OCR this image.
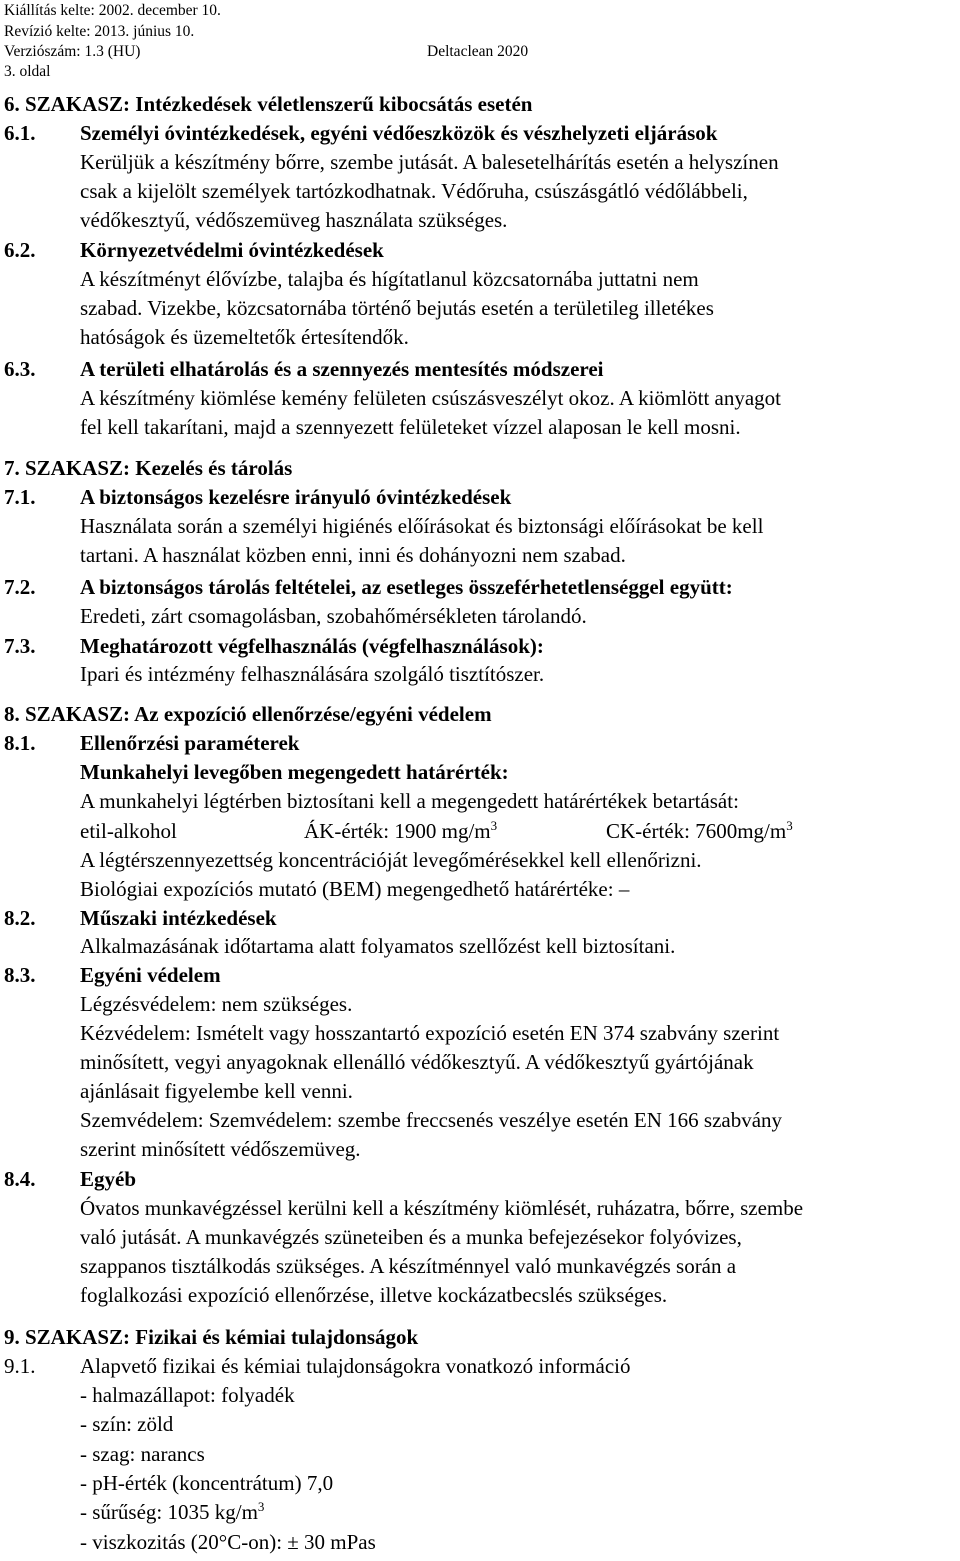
Kiállítás kelte: 2002. december 10.
Revízió kelte: 2013. június 10.
Verziószám: 1.3 (HU)	Deltaclean 2020
3. oldal
6. SZAKASZ: Intézkedések véletlenszerű kibocsátás esetén
6.1. Személyi óvintézkedések, egyéni védőeszközök és vészhelyzeti eljárások
Kerüljük a készítmény bőrre, szembe jutását. A balesetelhárítás esetén a helyszínen
csak a kijelölt személyek tartózkodhatnak. Védőruha, csúszásgátló védőlábbeli,
védőkesztyű, védőszemüveg használata szükséges.
6.2. Környezetvédelmi óvintézkedések
A készítményt élővízbe, talajba és hígítatlanul közcsatornába juttatni nem
szabad. Vizekbe, közcsatornába történő bejutás esetén a területileg illetékes
hatóságok és üzemeltetők értesítendők.
6.3. A területi elhatárolás és a szennyezés mentesítés módszerei
A készítmény kiömlése kemény felületen csúszásveszélyt okoz. A kiömlött anyagot
fel kell takarítani, majd a szennyezett felületeket vízzel alaposan le kell mosni.
7. SZAKASZ: Kezelés és tárolás
7.1. A biztonságos kezelésre irányuló óvintézkedések
Használata során a személyi higiénés előírásokat és biztonsági előírásokat be kell
tartani. A használat közben enni, inni és dohányozni nem szabad.
7.2. A biztonságos tárolás feltételei, az esetleges összeférhetetlenséggel együtt:
Eredeti, zárt csomagolásban, szobahőmérsékleten tárolandó.
7.3. Meghatározott végfelhasználás (végfelhasználások):
Ipari és intézmény felhasználására szolgáló tisztítószer.
8. SZAKASZ: Az expozíció ellenőrzése/egyéni védelem
8.1. Ellenőrzési paraméterek
Munkahelyi levegőben megengedett határérték:
A munkahelyi légtérben biztosítani kell a megengedett határértékek betartását:
etil-alkohol	ÁK-érték: 1900 $mg/m^3$	CK-érték: $7600mg/m^3$
A légtérszennyezettség koncentrációját levegőmérésekkel kell ellenőrizni.
Biológiai expozíciós mutató (BEM) megengedhető határértéke: –
8.2. Műszaki intézkedések
Alkalmazásának időtartama alatt folyamatos szellőzést kell biztosítani.
8.3. Egyéni védelem
Légzésvédelem: nem szükséges.
Kézvédelem: Ismételt vagy hosszantartó expozíció esetén EN 374 szabvány szerint
minősített, vegyi anyagoknak ellenálló védőkesztyű. A védőkesztyű gyártójának
ajánlásait figyelembe kell venni.
Szemvédelem: Szemvédelem: szembe freccsenés veszélye esetén EN 166 szabvány
szerint minősített védőszemüveg.
8.4. Egyéb
Óvatos munkavégzéssel kerülni kell a készítmény kiömlését, ruházatra, bőrre, szembe
való jutását. A munkavégzés szüneteiben és a munka befejezésekor folyóvizes,
szappanos tisztálkodás szükséges. A készítménnyel való munkavégzés során a
foglalkozási expozíció ellenőrzése, illetve kockázatbecslés szükséges.
9. SZAKASZ: Fizikai és kémiai tulajdonságok
9.1. Alapvető fizikai és kémiai tulajdonságokra vonatkozó információ
- halmazállapot: folyadék
- szín: zöld
- szag: narancs
- pH-érték (koncentrátum) 7,0
- sűrűség: 1035 $kg/m^3$
- viszkozitás (20°C-on): ± 30 mPas
